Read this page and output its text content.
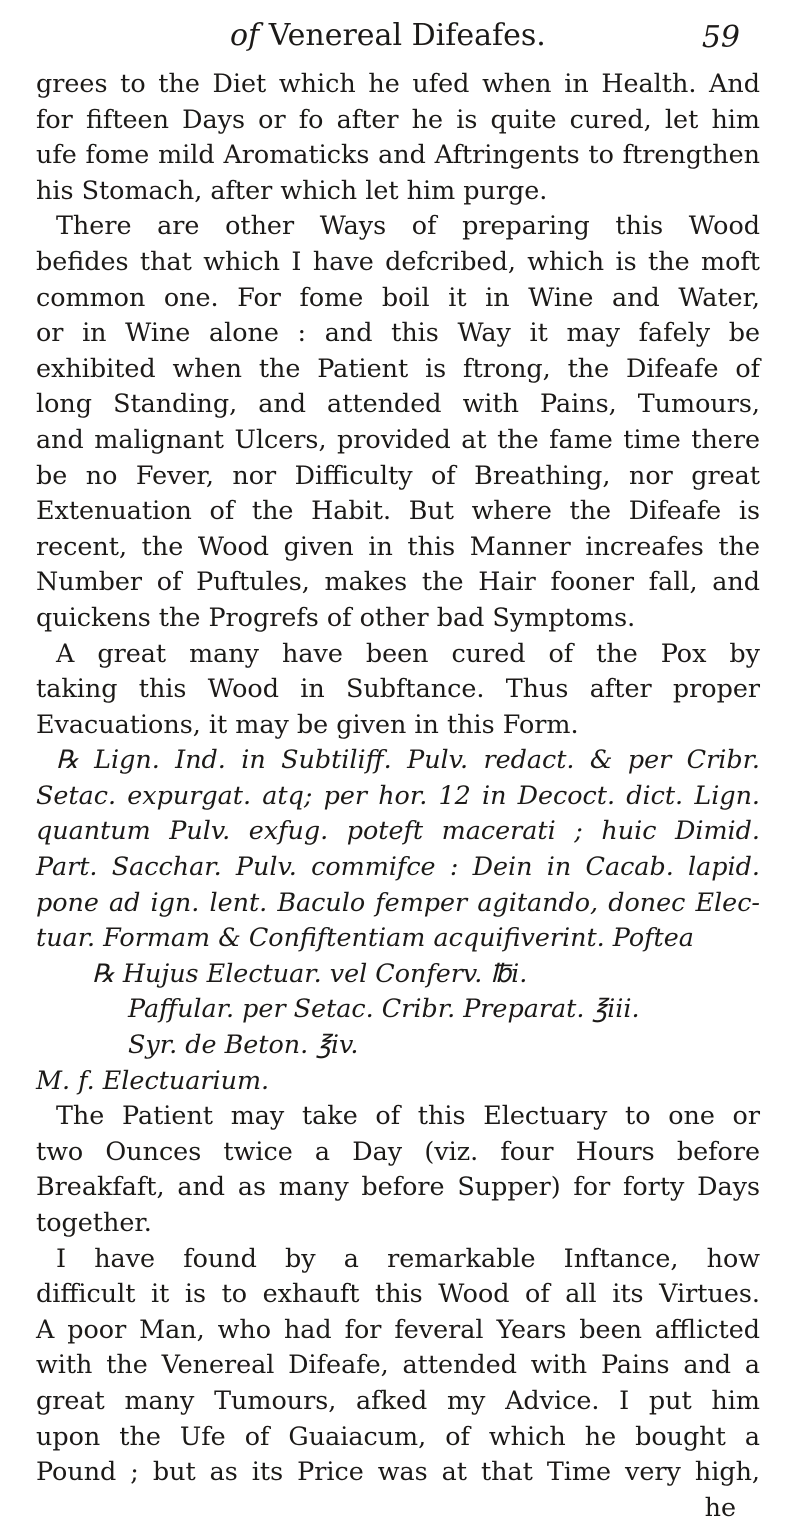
of Venereal Difeafes.	59
grees to the Diet which he ufed when in Health. And
for fifteen Days or fo after he is quite cured, let him
ufe fome mild Aromaticks and Aftringents to ftrengthen
his Stomach, after which let him purge.
There are other Ways of preparing this Wood
befides that which I have defcribed, which is the moft
common one. For fome boil it in Wine and Water,
or in Wine alone : and this Way it may fafely be
exhibited when the Patient is ftrong, the Difeafe of
long Standing, and attended with Pains, Tumours,
and malignant Ulcers, provided at the fame time there
be no Fever, nor Difficulty of Breathing, nor great
Extenuation of the Habit. But where the Difeafe is
recent, the Wood given in this Manner increafes the
Number of Puftules, makes the Hair fooner fall, and
quickens the Progrefs of other bad Symptoms.
A great many have been cured of the Pox by
taking this Wood in Subftance. Thus after proper
Evacuations, it may be given in this Form.
℞ Lign. Ind. in Subtiliff. Pulv. redact. & per Cribr.
Setac. expurgat. atq; per hor. 12 in Decoct. dict. Lign.
quantum Pulv. exfug. poteft macerati ; huic Dimid.
Part. Sacchar. Pulv. commifce : Dein in Cacab. lapid.
pone ad ign. lent. Baculo femper agitando, donec Elec-
tuar. Formam & Confiftentiam acquifiverint. Poftea
℞ Hujus Electuar. vel Conferv. ℔i.
Paffular. per Setac. Cribr. Preparat. ℥iii.
Syr. de Beton. ℥iv.
M. f. Electuarium.
The Patient may take of this Electuary to one or
two Ounces twice a Day (viz. four Hours before
Breakfaft, and as many before Supper) for forty Days
together.
I have found by a remarkable Inftance, how
difficult it is to exhauft this Wood of all its Virtues.
A poor Man, who had for feveral Years been afflicted
with the Venereal Difeafe, attended with Pains and a
great many Tumours, afked my Advice. I put him
upon the Ufe of Guaiacum, of which he bought a
Pound ; but as its Price was at that Time very high,
he
